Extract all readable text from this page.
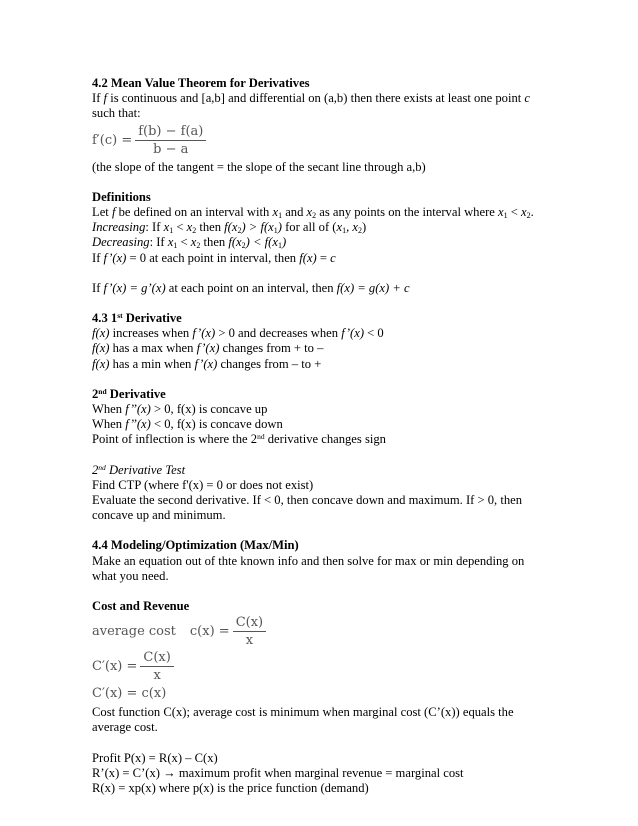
4.2 Mean Value Theorem for Derivatives
If f is continuous and [a,b] and differential on (a,b) then there exists at least one point c
such that:
$f'(c) = \frac{f(b) - f(a)}{b - a}$
(the slope of the tangent = the slope of the secant line through a,b)
Definitions
Let f be defined on an interval with $x_1$ and $x_2$ as any points on the interval where $x_1 < x_2$.
Increasing: If $x_1 < x_2$ then $f(x_2) > f(x_1)$ for all of ($x_1$, $x_2$)
Decreasing: If $x_1 < x_2$ then $f(x_2) < f(x_1)$
If f’(x) = 0 at each point in interval, then f(x) = c
If f’(x) = g’(x) at each point on an interval, then f(x) = g(x) + c
4.3 1st Derivative
f(x) increases when f’(x) > 0 and decreases when f’(x) < 0
f(x) has a max when f’(x) changes from + to –
f(x) has a min when f’(x) changes from – to +
2nd Derivative
When f’’(x) > 0, f(x) is concave up
When f’’(x) < 0, f(x) is concave down
Point of inflection is where the 2nd derivative changes sign
2nd Derivative Test
Find CTP (where f'(x) = 0 or does not exist)
Evaluate the second derivative. If < 0, then concave down and maximum. If > 0, then
concave up and minimum.
4.4 Modeling/Optimization (Max/Min)
Make an equation out of thte known info and then solve for max or min depending on
what you need.
Cost and Revenue
average cost $c(x) = \frac{C(x)}{x}$
$C'(x) = \frac{C(x)}{x}$
C′(x) = c(x)
Cost function C(x); average cost is minimum when marginal cost (C’(x)) equals the
average cost.
Profit P(x) = R(x) – C(x)
R’(x) = C’(x) → maximum profit when marginal revenue = marginal cost
R(x) = xp(x) where p(x) is the price function (demand)
